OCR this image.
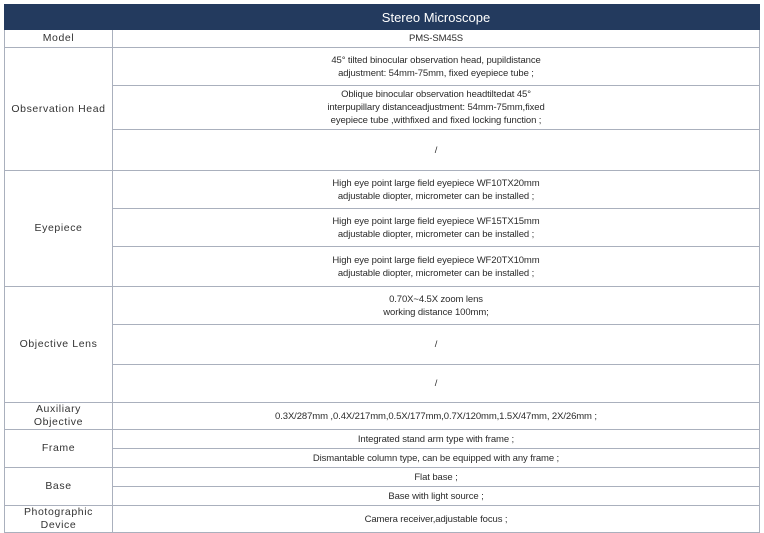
	Stereo Microscope
Model	PMS-SM45S
Observation Head	45° tilted binocular observation head, pupildistance
adjustment: 54mm-75mm, fixed eyepiece tube ;
	Oblique binocular observation headtiltedat 45°
interpupillary distanceadjustment: 54mm-75mm,fixed
eyepiece tube ,withfixed and fixed locking function ;
	/
Eyepiece	High eye point large field eyepiece WF10TX20mm
adjustable diopter, micrometer can be installed ;
	High eye point large field eyepiece WF15TX15mm
adjustable diopter, micrometer can be installed ;
	High eye point large field eyepiece WF20TX10mm
adjustable diopter, micrometer can be installed ;
Objective Lens	0.70X~4.5X zoom lens
working distance 100mm;
	/
	/
Auxiliary Objective	0.3X/287mm ,0.4X/217mm,0.5X/177mm,0.7X/120mm,1.5X/47mm, 2X/26mm ;
Frame	Integrated stand arm type with frame ;
	Dismantable column type, can be equipped with any frame ;
Base	Flat base ;
	Base with light source ;
Photographic Device	Camera receiver,adjustable focus ;
